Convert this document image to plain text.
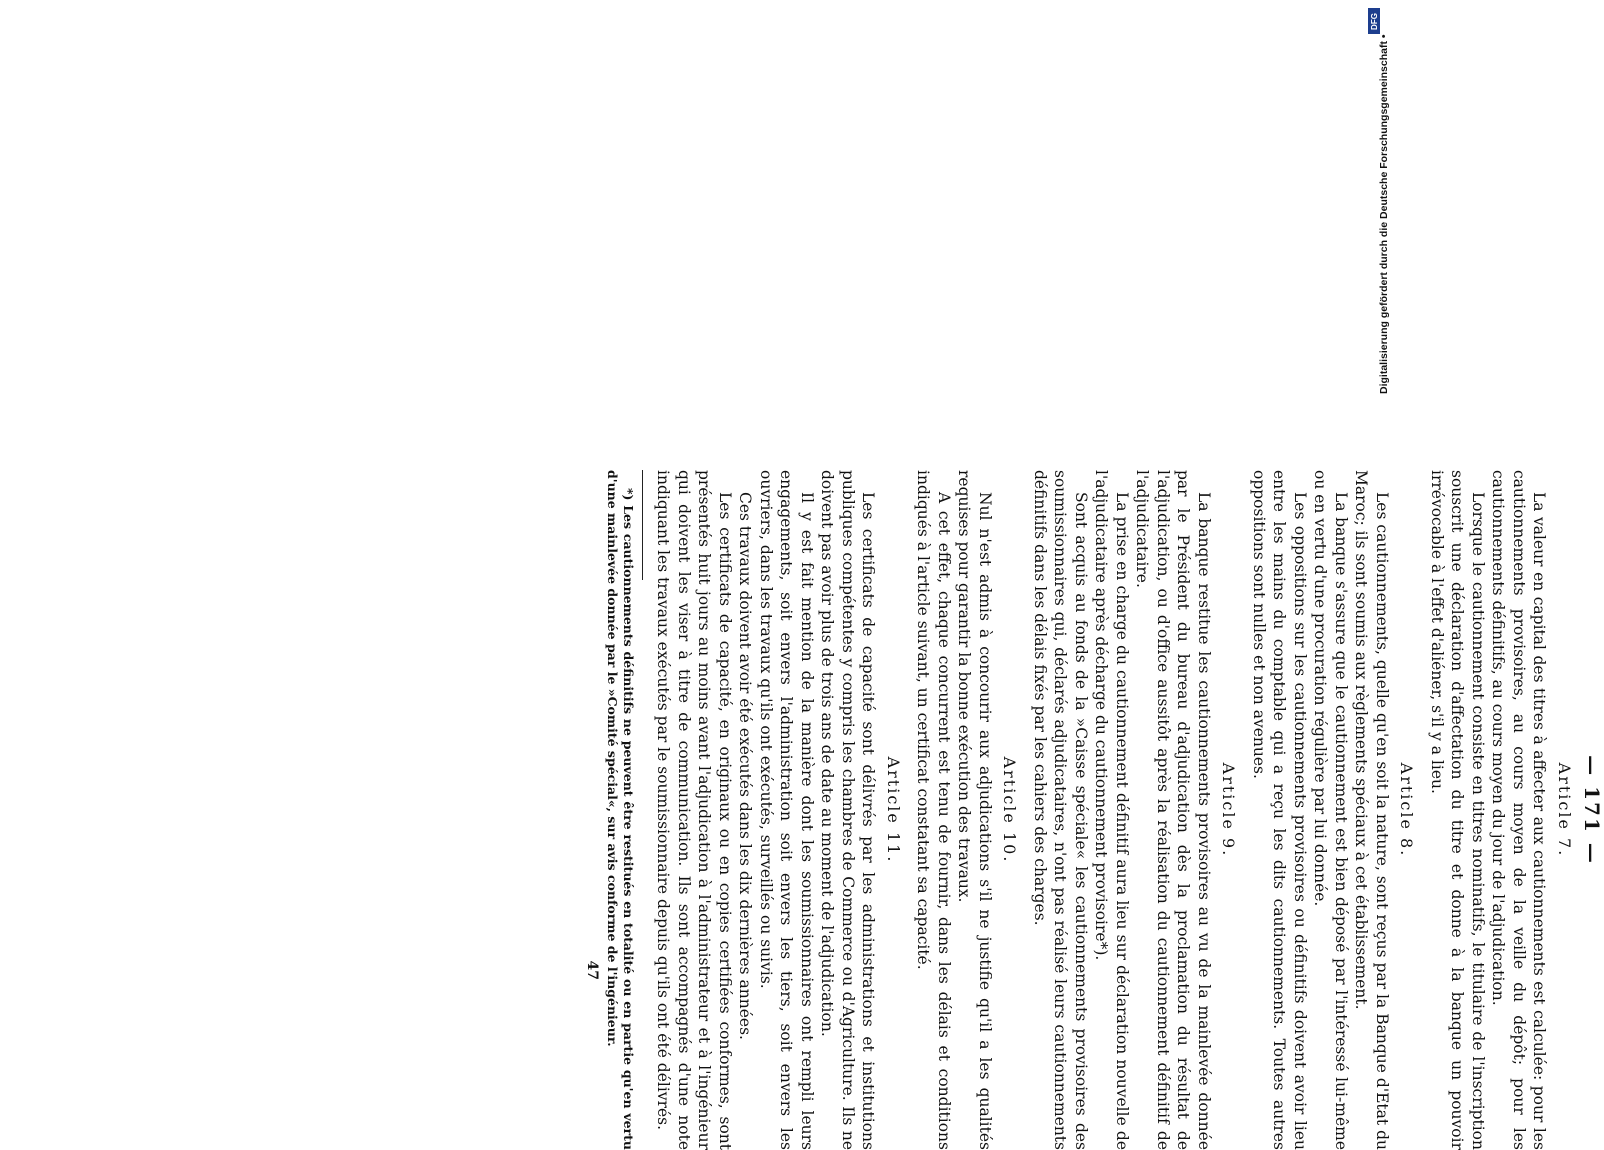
— 171 —
Article 7.

La valeur en capital des titres à affecter aux cautionnements est calculée: pour les cautionnements provisoires, au cours moyen de la veille du dépôt; pour les cautionnements définitifs, au cours moyen du jour de l'adjudication.

Lorsque le cautionnement consiste en titres nominatifs, le titulaire de l'inscription souscrit une déclaration d'affectation du titre et donne à la banque un pouvoir irrévocable à l'effet d'aliéner, s'il y a lieu.

Article 8.

Les cautionnements, quelle qu'en soit la nature, sont reçus par la Banque d'Etat du Maroc; ils sont soumis aux règlements spéciaux à cet établissement.

La banque s'assure que le cautionnement est bien déposé par l'intéressé lui-même ou en vertu d'une procuration régulière par lui donnée.

Les oppositions sur les cautionnements provisoires ou définitifs doivent avoir lieu entre les mains du comptable qui a reçu les dits cautionnements. Toutes autres oppositions sont nulles et non avenues.

Article 9.

La banque restitue les cautionnements provisoires au vu de la mainlevée donnée par le Président du bureau d'adjudication dès la proclamation du résultat de l'adjudication, ou d'office aussitôt après la réalisation du cautionnement définitif de l'adjudicataire.

La prise en charge du cautionnement définitif aura lieu sur déclaration nouvelle de l'adjudicataire après décharge du cautionnement provisoire*).

Sont acquis au fonds de la »Caisse spéciale« les cautionnements provisoires des soumissionnaires qui, déclarés adjudicataires, n'ont pas réalisé leurs cautionnements définitifs dans les délais fixés par les cahiers des charges.

Article 10.

Nul n'est admis à concourir aux adjudications s'il ne justifie qu'il a les qualités requises pour garantir la bonne exécution des travaux.

A cet effet, chaque concurrent est tenu de fournir, dans les délais et conditions indiqués à l'article suivant, un certificat constatant sa capacité.

Article 11.

Les certificats de capacité sont délivrés par les administrations et institutions publiques compétentes y compris les chambres de Commerce ou d'Agriculture. Ils ne doivent pas avoir plus de trois ans de date au moment de l'adjudication.

Il y est fait mention de la manière dont les soumissionnaires ont rempli leurs engagements, soit envers l'administration soit envers les tiers, soit envers les ouvriers, dans les travaux qu'ils ont exécutés, surveillés ou suivis.

Ces travaux doivent avoir été exécutés dans les dix dernières années.

Les certificats de capacité, en originaux ou en copies certifiées conformes, sont présentés huit jours au moins avant l'adjudication à l'administrateur et à l'ingénieur qui doivent les viser à titre de communication. Ils sont accompagnés d'une note indiquant les travaux exécutés par le soumissionnaire depuis qu'ils ont été délivrés.

*) Les cautionnements définitifs ne peuvent être restitués en totalité ou en partie qu'en vertu d'une mainlevée donnée par le »Comité spécial«, sur avis conforme de l'ingénieur.

47
DFG
Digitalisierung gefördert durch die Deutsche Forschungsgemeinschaft •
